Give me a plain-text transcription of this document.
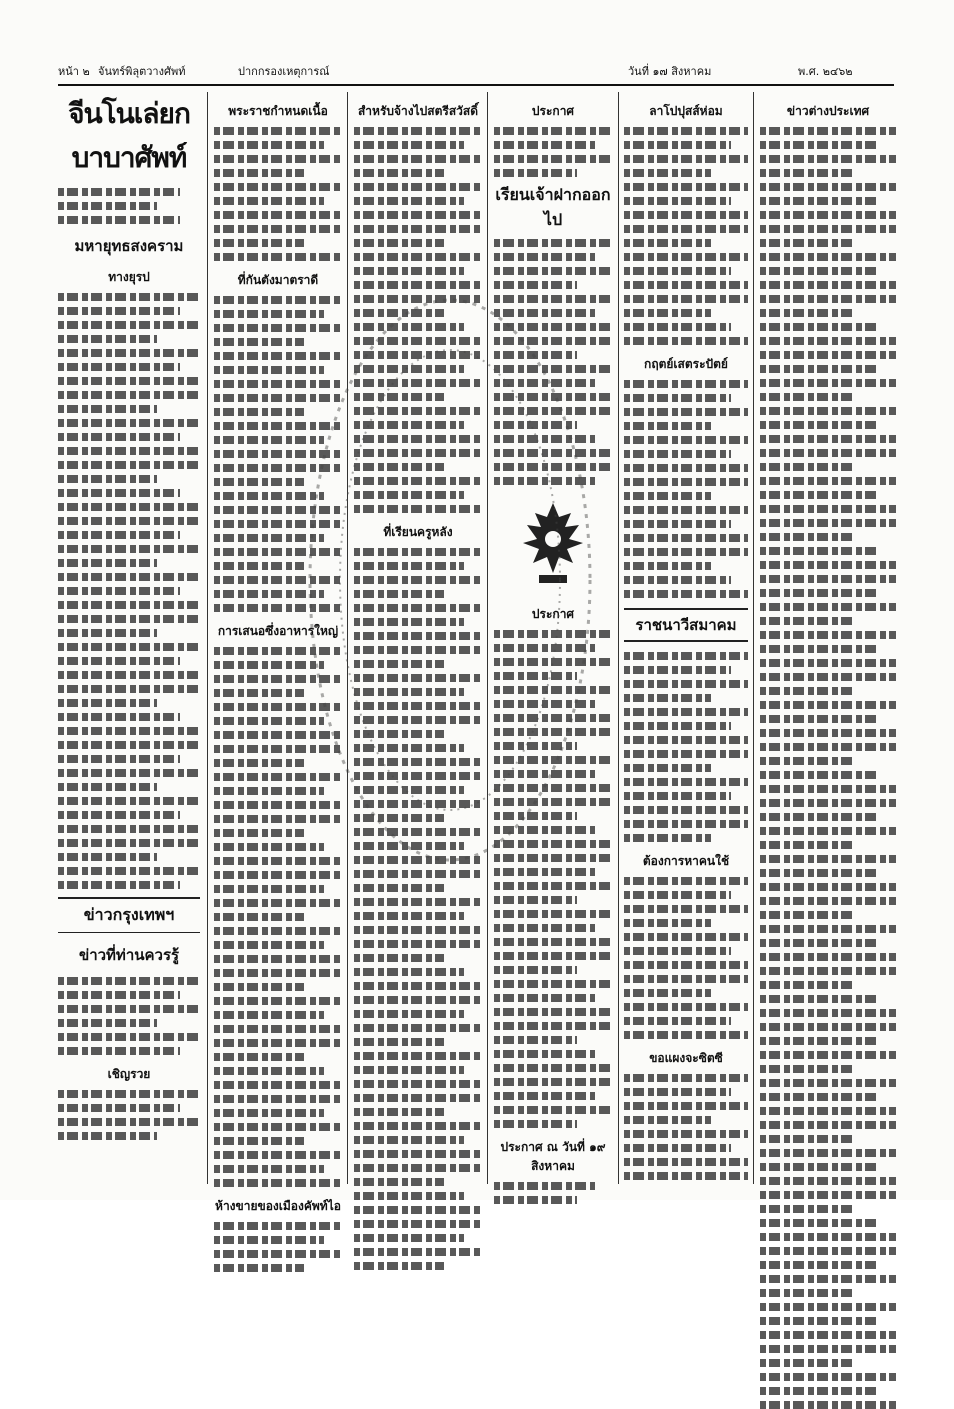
หน้า ๒ จันทร์พิลุตวางศัพท์	ปากกรองเหตุการณ์	วันที่ ๑๗ สิงหาคม	พ.ศ. ๒๔๖๒
จีนโนเล่ยกบาบาศัพท์
มหายุทธสงคราม
ทางยุรป
ข่าวกรุงเทพฯ
ข่าวที่ท่านควรรู้
เชิญรวย
พระราชกำหนดเนื้อ
ที่กันตังมาตราดี
การเสนอซึ่งอาหารใหญ่
ห้างขายของเมืองคัพท์ไอ
สำหรับจ้างไปสตรีสวัสดิ์
ที่เรียนครูหลัง
ประกาศ
เรียนเจ้าฝากออกไป
ประกาศ
ประกาศ ณ วันที่ ๑๙ สิงหาคม
ลาโปปุสส์ห่อม
กฤตย์เสตระปัตย์
ราชนาวีสมาคม
ต้องการหาคนใช้
ขอแผงจะซิตซี
ข่าวต่างประเทศ
